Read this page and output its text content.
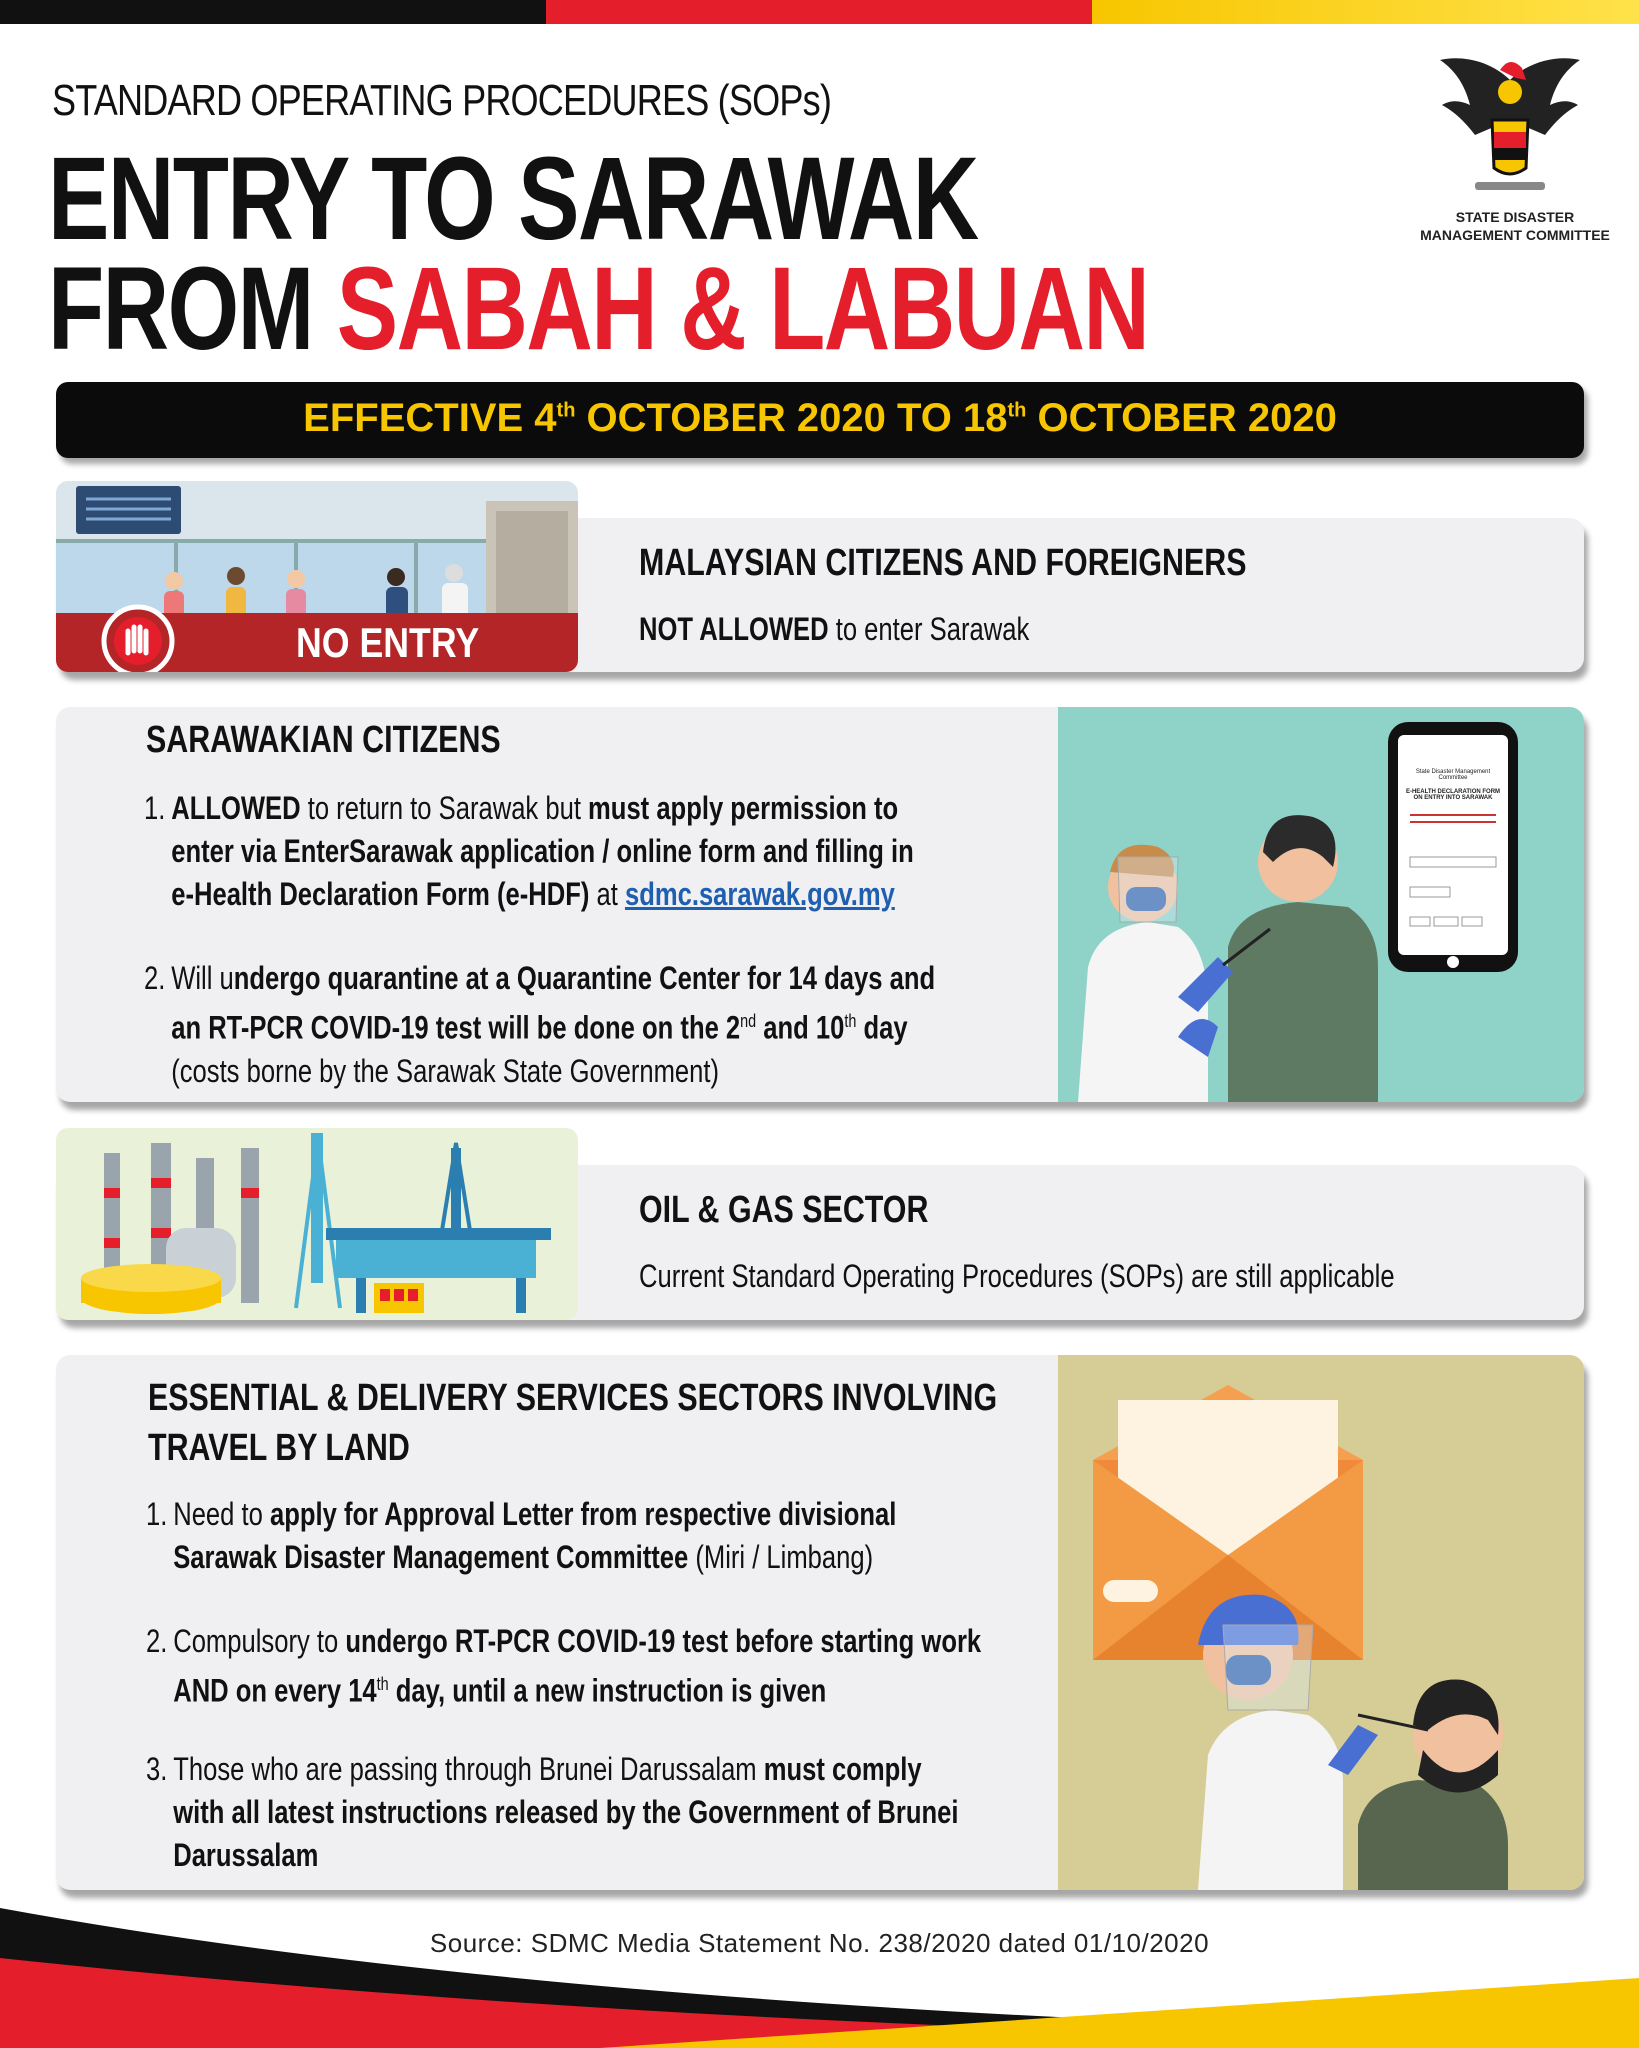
STANDARD OPERATING PROCEDURES (SOPs)
ENTRY TO SARAWAK
FROM SABAH & LABUAN
STATE DISASTER
MANAGEMENT COMMITTEE
EFFECTIVE 4th OCTOBER 2020 TO 18th OCTOBER 2020
MALAYSIAN CITIZENS AND FOREIGNERS
NOT ALLOWED to enter Sarawak
NO ENTRY
SARAWAKIAN CITIZENS
1. ALLOWED to return to Sarawak but must apply permission to
enter via EnterSarawak application / online form and filling in
e-Health Declaration Form (e-HDF) at sdmc.sarawak.gov.my
2. Will undergo quarantine at a Quarantine Center for 14 days and
an RT-PCR COVID-19 test will be done on the 2nd and 10th day
(costs borne by the Sarawak State Government)
State Disaster Management Committee
E-HEALTH DECLARATION FORM ON ENTRY INTO SARAWAK
OIL & GAS SECTOR
Current Standard Operating Procedures (SOPs) are still applicable
ESSENTIAL & DELIVERY SERVICES SECTORS INVOLVING
TRAVEL BY LAND
1. Need to apply for Approval Letter from respective divisional
Sarawak Disaster Management Committee (Miri / Limbang)
2. Compulsory to undergo RT-PCR COVID-19 test before starting work
AND on every 14th day, until a new instruction is given
3. Those who are passing through Brunei Darussalam must comply
with all latest instructions released by the Government of Brunei
Darussalam
Source: SDMC Media Statement No. 238/2020 dated 01/10/2020
